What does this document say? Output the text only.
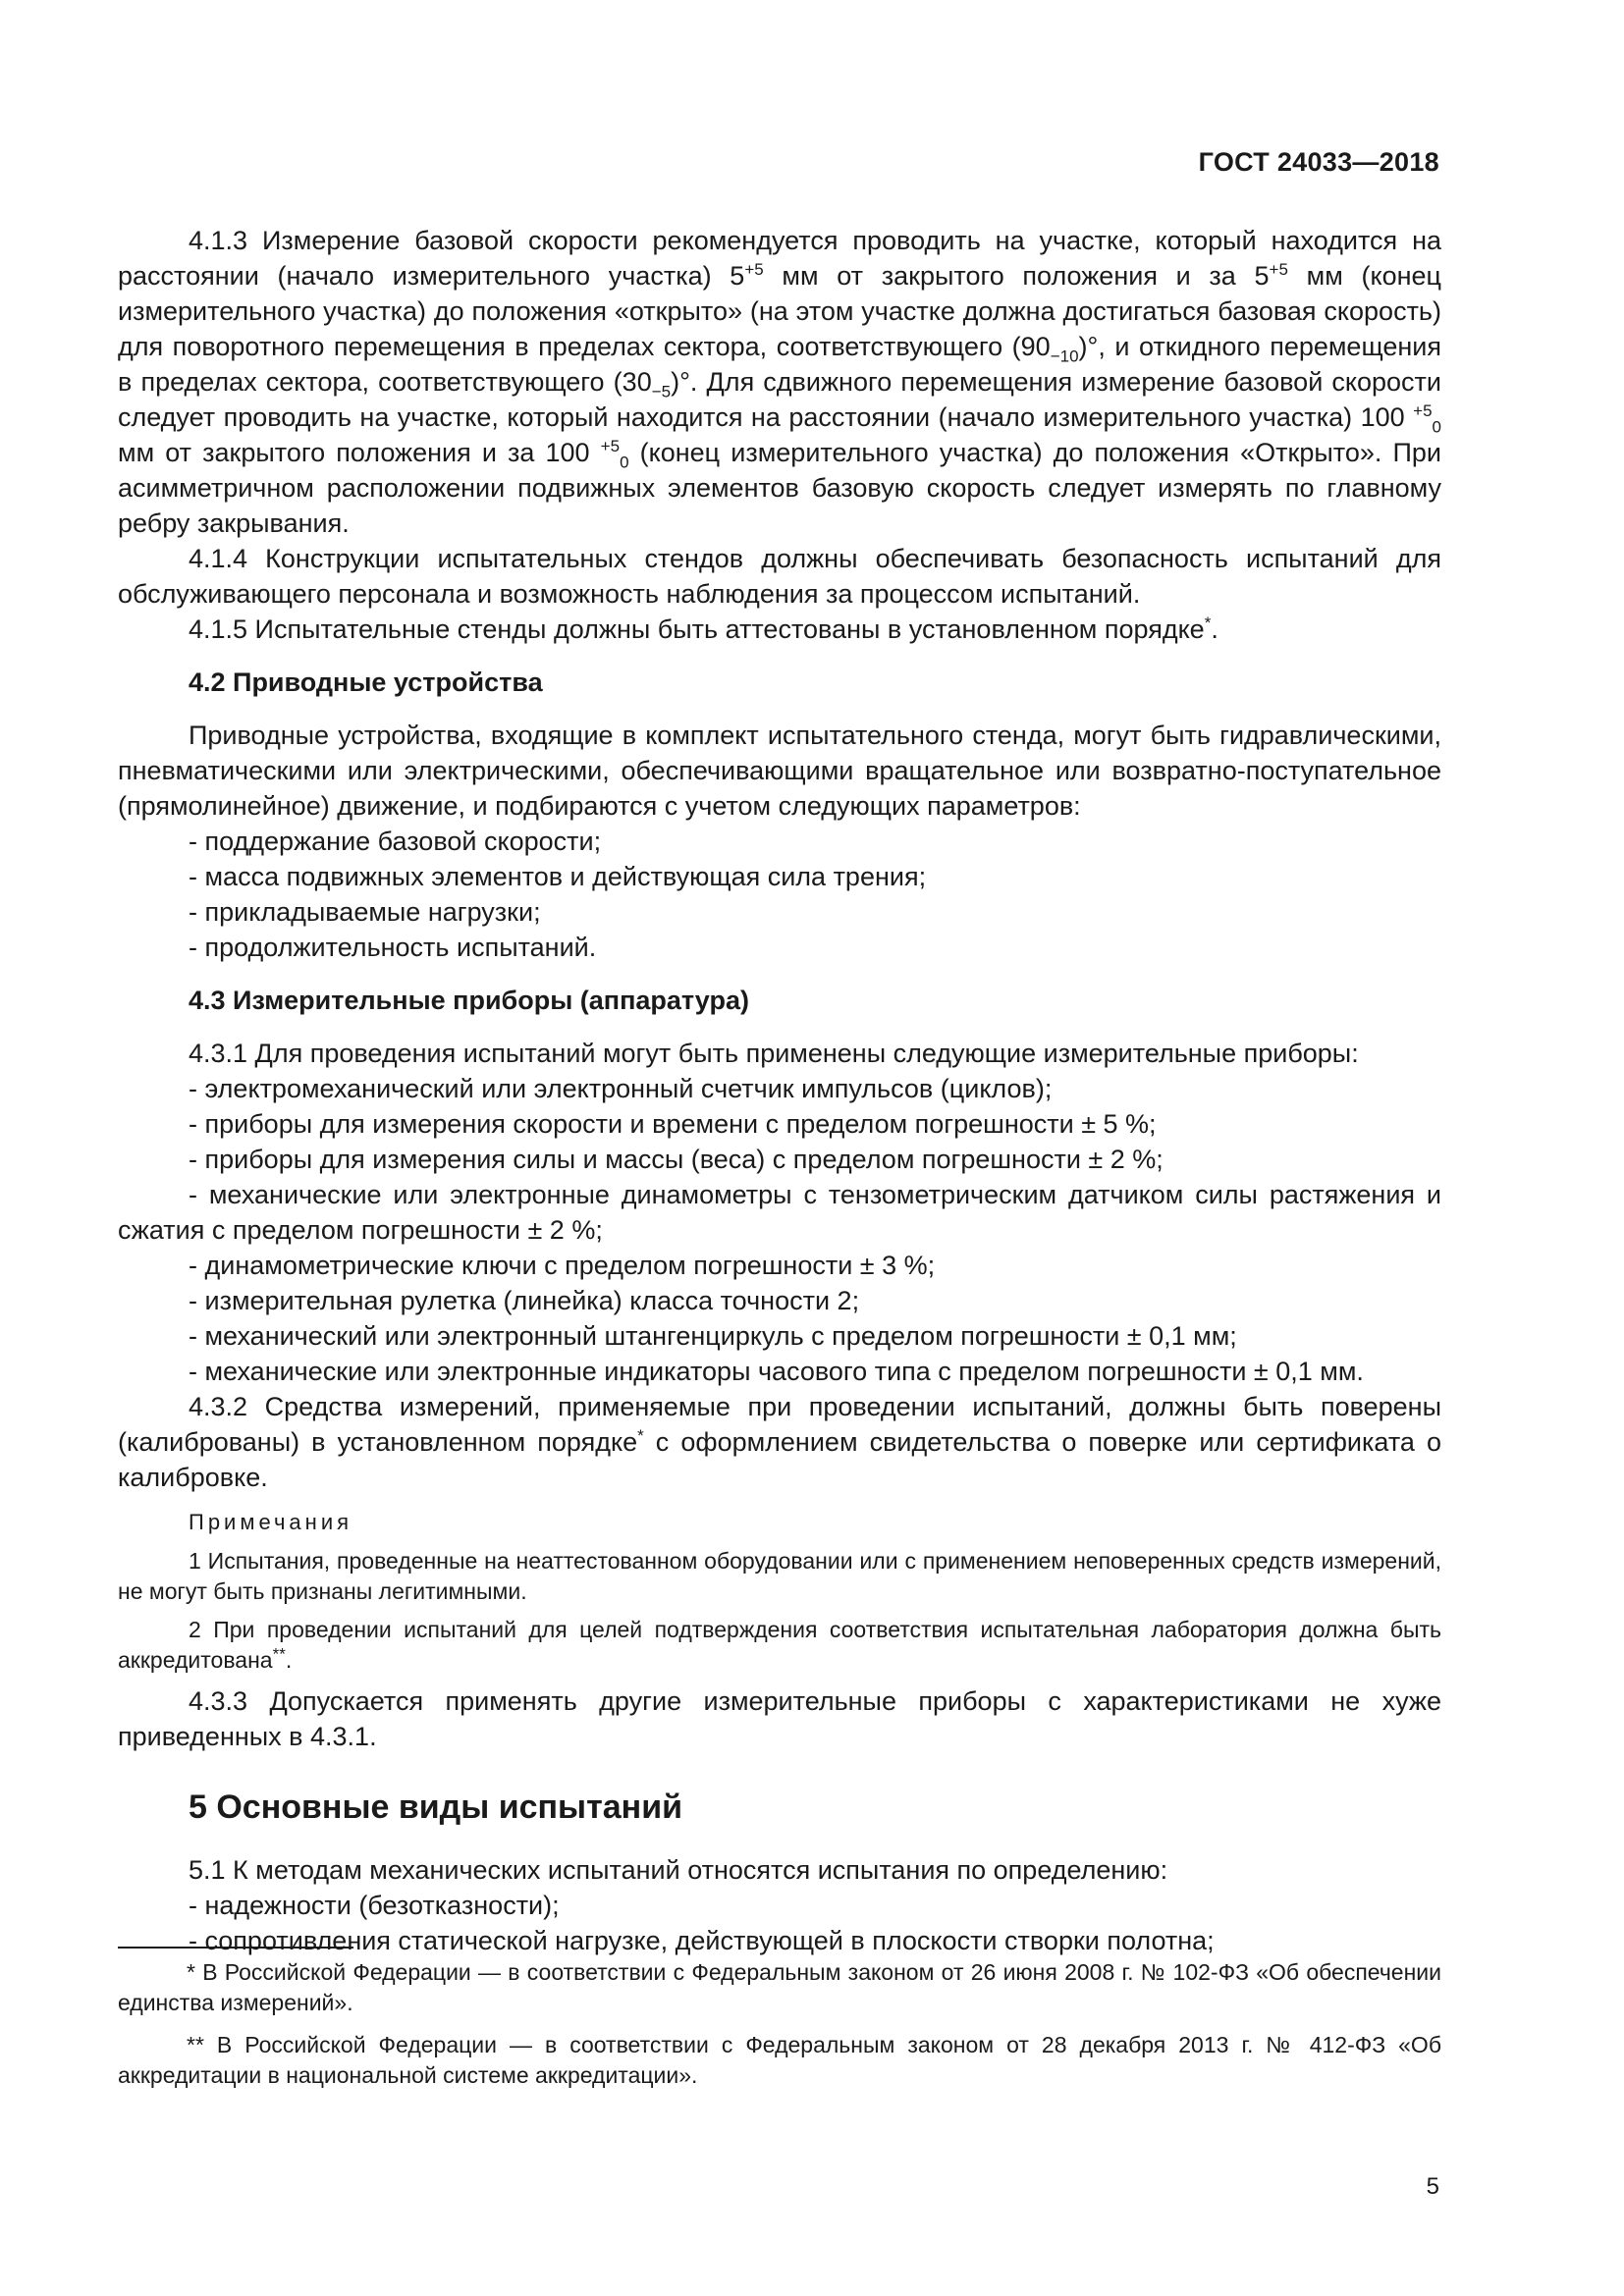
ГОСТ 24033—2018

4.1.3 Измерение базовой скорости рекомендуется проводить на участке, который находится на расстоянии (начало измерительного участка) $5^{+5}$ мм от закрытого положения и за $5^{+5}$ мм (конец измерительного участка) до положения «открыто» (на этом участке должна достигаться базовая скорость) для поворотного перемещения в пределах сектора, соответствующего $(90_{-10})^\circ$, и откидного перемещения в пределах сектора, соответствующего $(30_{-5})^\circ$. Для сдвижного перемещения измерение базовой скорости следует проводить на участке, который находится на расстоянии (начало измерительного участка) 100 $^{+5}_0$ мм от закрытого положения и за 100 $^{+5}_0$ (конец измерительного участка) до положения «Открыто». При асимметричном расположении подвижных элементов базовую скорость следует измерять по главному ребру закрывания.

4.1.4 Конструкции испытательных стендов должны обеспечивать безопасность испытаний для обслуживающего персонала и возможность наблюдения за процессом испытаний.

4.1.5 Испытательные стенды должны быть аттестованы в установленном порядке*.

4.2 Приводные устройства

Приводные устройства, входящие в комплект испытательного стенда, могут быть гидравлическими, пневматическими или электрическими, обеспечивающими вращательное или возвратно-поступательное (прямолинейное) движение, и подбираются с учетом следующих параметров:

- поддержание базовой скорости;

- масса подвижных элементов и действующая сила трения;

- прикладываемые нагрузки;

- продолжительность испытаний.

4.3 Измерительные приборы (аппаратура)

4.3.1 Для проведения испытаний могут быть применены следующие измерительные приборы:

- электромеханический или электронный счетчик импульсов (циклов);

- приборы для измерения скорости и времени с пределом погрешности ± 5 %;

- приборы для измерения силы и массы (веса) с пределом погрешности ± 2 %;

- механические или электронные динамометры с тензометрическим датчиком силы растяжения и сжатия с пределом погрешности ± 2 %;

- динамометрические ключи с пределом погрешности ± 3 %;

- измерительная рулетка (линейка) класса точности 2;

- механический или электронный штангенциркуль с пределом погрешности ± 0,1 мм;

- механические или электронные индикаторы часового типа с пределом погрешности ± 0,1 мм.

4.3.2 Средства измерений, применяемые при проведении испытаний, должны быть поверены (калиброваны) в установленном порядке* с оформлением свидетельства о поверке или сертификата о калибровке.

Примечания

1 Испытания, проведенные на неаттестованном оборудовании или с применением неповеренных средств измерений, не могут быть признаны легитимными.

2 При проведении испытаний для целей подтверждения соответствия испытательная лаборатория должна быть аккредитована**.

4.3.3 Допускается применять другие измерительные приборы с характеристиками не хуже приведенных в 4.3.1.

5 Основные виды испытаний

5.1 К методам механических испытаний относятся испытания по определению:

- надежности (безотказности);

- сопротивления статической нагрузке, действующей в плоскости створки полотна;

* В Российской Федерации — в соответствии с Федеральным законом от 26 июня 2008 г. № 102-ФЗ «Об обеспечении единства измерений».

** В Российской Федерации — в соответствии с Федеральным законом от 28 декабря 2013 г. № 412-ФЗ «Об аккредитации в национальной системе аккредитации».

5
